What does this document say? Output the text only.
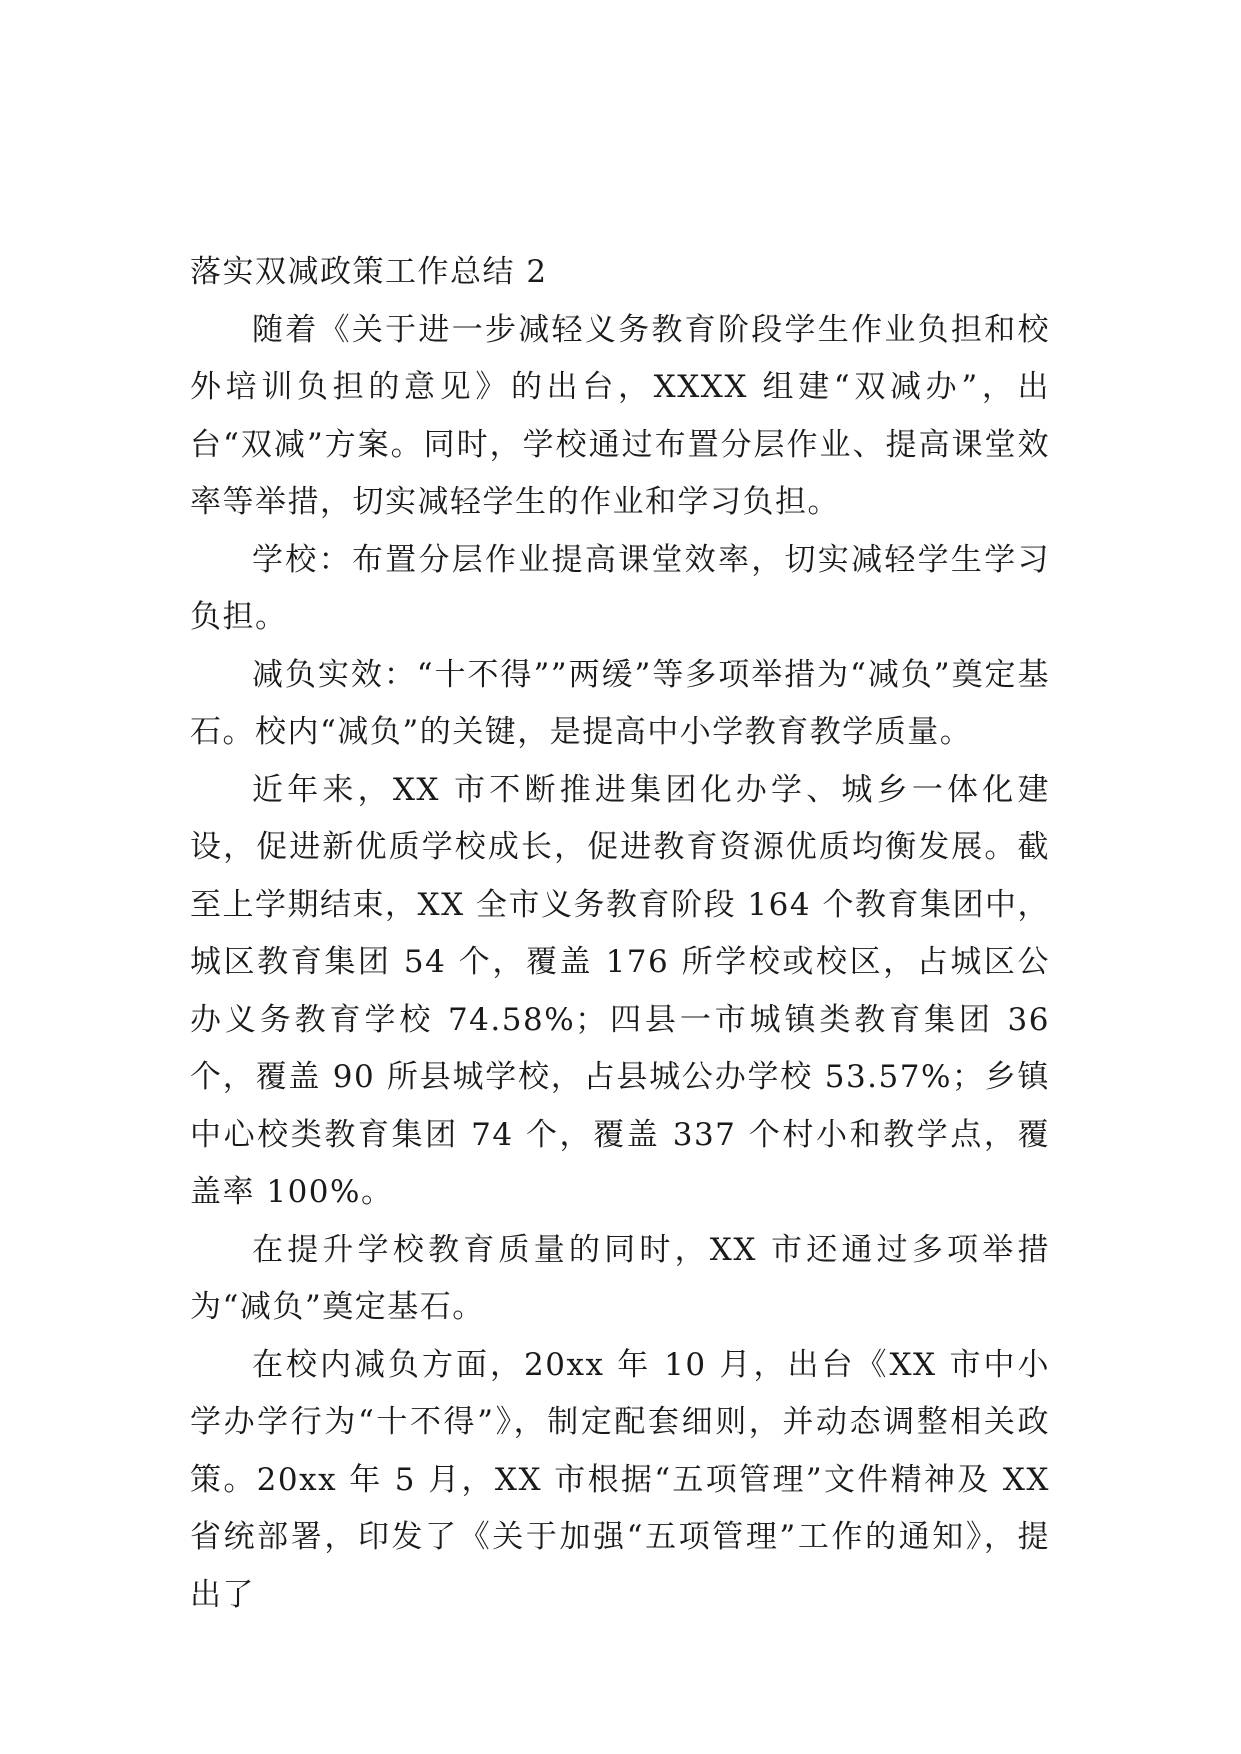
落实双减政策工作总结 2

随着《关于进一步减轻义务教育阶段学生作业负担和校外培训负担的意见》的出台，XXXX 组建“双减办”，出台“双减”方案。同时，学校通过布置分层作业、提高课堂效率等举措，切实减轻学生的作业和学习负担。

学校：布置分层作业提高课堂效率，切实减轻学生学习负担。

减负实效：“十不得””两缓”等多项举措为“减负”奠定基石。校内“减负”的关键，是提高中小学教育教学质量。

近年来，XX 市不断推进集团化办学、城乡一体化建设，促进新优质学校成长，促进教育资源优质均衡发展。截至上学期结束，XX 全市义务教育阶段 164 个教育集团中，城区教育集团 54 个，覆盖 176 所学校或校区，占城区公办义务教育学校 74.58%；四县一市城镇类教育集团 36 个，覆盖 90 所县城学校，占县城公办学校 53.57%；乡镇中心校类教育集团 74 个，覆盖 337 个村小和教学点，覆盖率 100%。

在提升学校教育质量的同时，XX 市还通过多项举措为“减负”奠定基石。

在校内减负方面，20xx 年 10 月，出台《XX 市中小学办学行为“十不得”》，制定配套细则，并动态调整相关政策。20xx 年 5 月，XX 市根据“五项管理”文件精神及 XX 省统部署，印发了《关于加强“五项管理”工作的通知》，提出了
